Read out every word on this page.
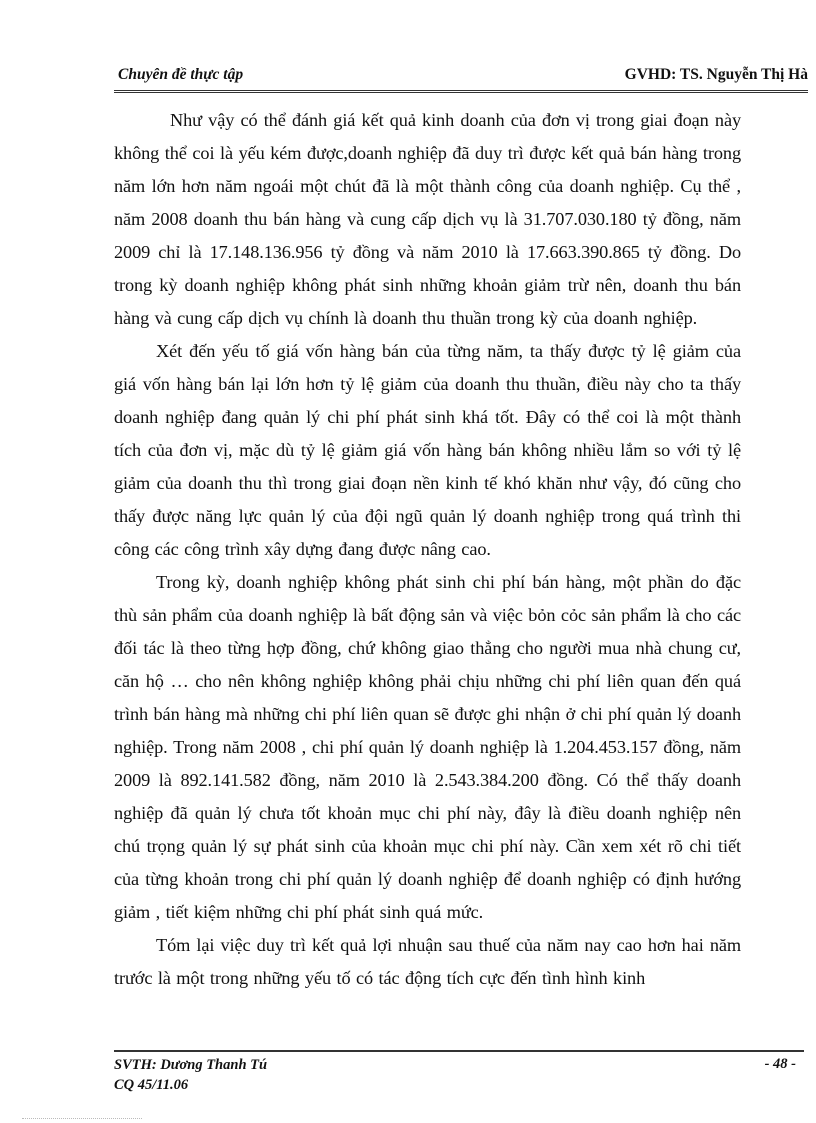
Chuyên đề thực tập	GVHD: TS. Nguyễn Thị Hà

Như vậy có thể đánh giá kết quả kinh doanh của đơn vị trong giai đoạn này không thể coi là yếu kém được,doanh nghiệp đã duy trì được kết quả bán hàng trong năm lớn hơn năm ngoái một chút đã là một thành công của doanh nghiệp. Cụ thể , năm 2008 doanh thu bán hàng và cung cấp dịch vụ là 31.707.030.180 tỷ đồng, năm 2009 chỉ là 17.148.136.956 tỷ đồng và năm 2010 là 17.663.390.865 tỷ đồng. Do trong kỳ doanh nghiệp không phát sinh những khoản giảm trừ nên, doanh thu bán hàng và cung cấp dịch vụ chính là doanh thu thuần trong kỳ của doanh nghiệp.

Xét đến yếu tố giá vốn hàng bán của từng năm, ta thấy được tỷ lệ giảm của giá vốn hàng bán lại lớn hơn tỷ lệ giảm của doanh thu thuần, điều này cho ta thấy doanh nghiệp đang quản lý chi phí phát sinh khá tốt. Đây có thể coi là một thành tích của đơn vị, mặc dù tỷ lệ giảm giá vốn hàng bán không nhiều lắm so với tỷ lệ giảm của doanh thu thì trong giai đoạn nền kinh tế khó khăn như vậy, đó cũng cho thấy được năng lực quản lý của đội ngũ quản lý doanh nghiệp trong quá trình thi công các công trình xây dựng đang được nâng cao.

Trong kỳ, doanh nghiệp không phát sinh chi phí bán hàng, một phần do đặc thù sản phẩm của doanh nghiệp là bất động sản và việc bỏn cỏc sản phẩm là cho các đối tác là theo từng hợp đồng, chứ không giao thẳng cho người mua nhà chung cư, căn hộ … cho nên không nghiệp không phải chịu những chi phí liên quan đến quá trình bán hàng mà những chi phí liên quan sẽ được ghi nhận ở chi phí quản lý doanh nghiệp. Trong năm 2008 , chi phí quản lý doanh nghiệp là 1.204.453.157 đồng, năm 2009 là 892.141.582 đồng, năm 2010 là 2.543.384.200 đồng. Có thể thấy doanh nghiệp đã quản lý chưa tốt khoản mục chi phí này, đây là điều doanh nghiệp nên chú trọng quản lý sự phát sinh của khoản mục chi phí này. Cần xem xét rõ chi tiết của từng khoản trong chi phí quản lý doanh nghiệp để doanh nghiệp có định hướng giảm , tiết kiệm những chi phí phát sinh quá mức.

Tóm lại việc duy trì kết quả lợi nhuận sau thuế của năm nay cao hơn hai năm trước là một trong những yếu tố có tác động tích cực đến tình hình kinh

SVTH: Dương Thanh Tú
CQ 45/11.06
- 48 -
